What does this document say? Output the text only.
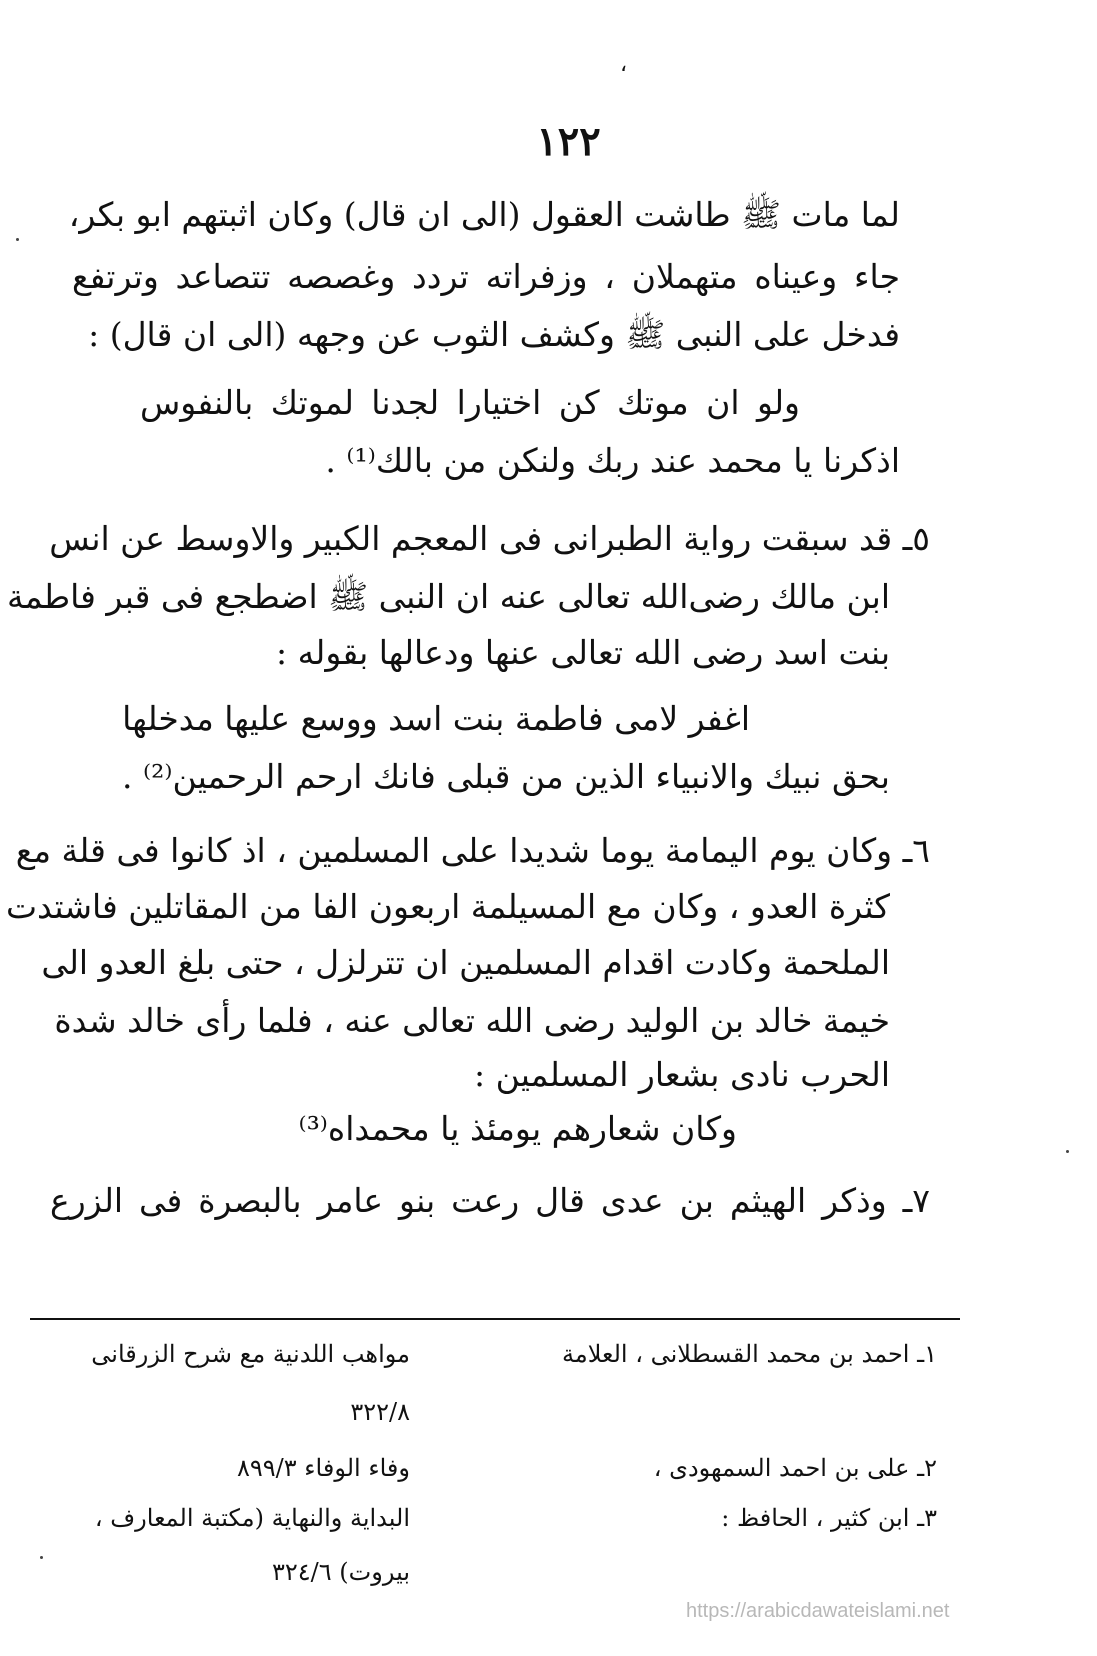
،
١٢٢
لما مات ﷺ طاشت العقول (الى ان قال) وكان اثبتهم ابو بكر،
جاء وعيناه متهملان ، وزفراته تردد وغصصه تتصاعد وترتفع
فدخل على النبى ﷺ وكشف الثوب عن وجهه (الى ان قال) :
ولو ان موتك كن اختيارا لجدنا لموتك بالنفوس
اذكرنا يا محمد عند ربك ولنكن من بالك⁽¹⁾ .
٥ـ قد سبقت رواية الطبرانى فى المعجم الكبير والاوسط عن انس
ابن مالك رضى‌الله تعالى عنه ان النبى ﷺ اضطجع فى قبر فاطمة
بنت اسد رضى الله تعالى عنها ودعالها بقوله :
اغفر لامى فاطمة بنت اسد ووسع عليها مدخلها
بحق نبيك والانبياء الذين من قبلى فانك ارحم الرحمين⁽²⁾ .
٦ـ وكان يوم اليمامة يوما شديدا على المسلمين ، اذ كانوا فى قلة مع
كثرة العدو ، وكان مع المسيلمة اربعون الفا من المقاتلين فاشتدت
الملحمة وكادت اقدام المسلمين ان تترلزل ، حتى بلغ العدو الى
خيمة خالد بن الوليد رضى الله تعالى عنه ، فلما رأى خالد شدة
الحرب نادى بشعار المسلمين :
وكان شعارهم يومئذ يا محمداه⁽³⁾
٧ـ وذكر الهيثم بن عدى قال رعت بنو عامر بالبصرة فى الزرع
١ـ احمد بن محمد القسطلانى ، العلامة
مواهب اللدنية مع شرح الزرقانى
٣٢٢/٨
٢ـ على بن احمد السمهودى ،
وفاء الوفاء ٨٩٩/٣
٣ـ ابن كثير ، الحافظ :
البداية والنهاية (مكتبة المعارف ،
بيروت) ٣٢٤/٦
https://arabicdawateislami.net
